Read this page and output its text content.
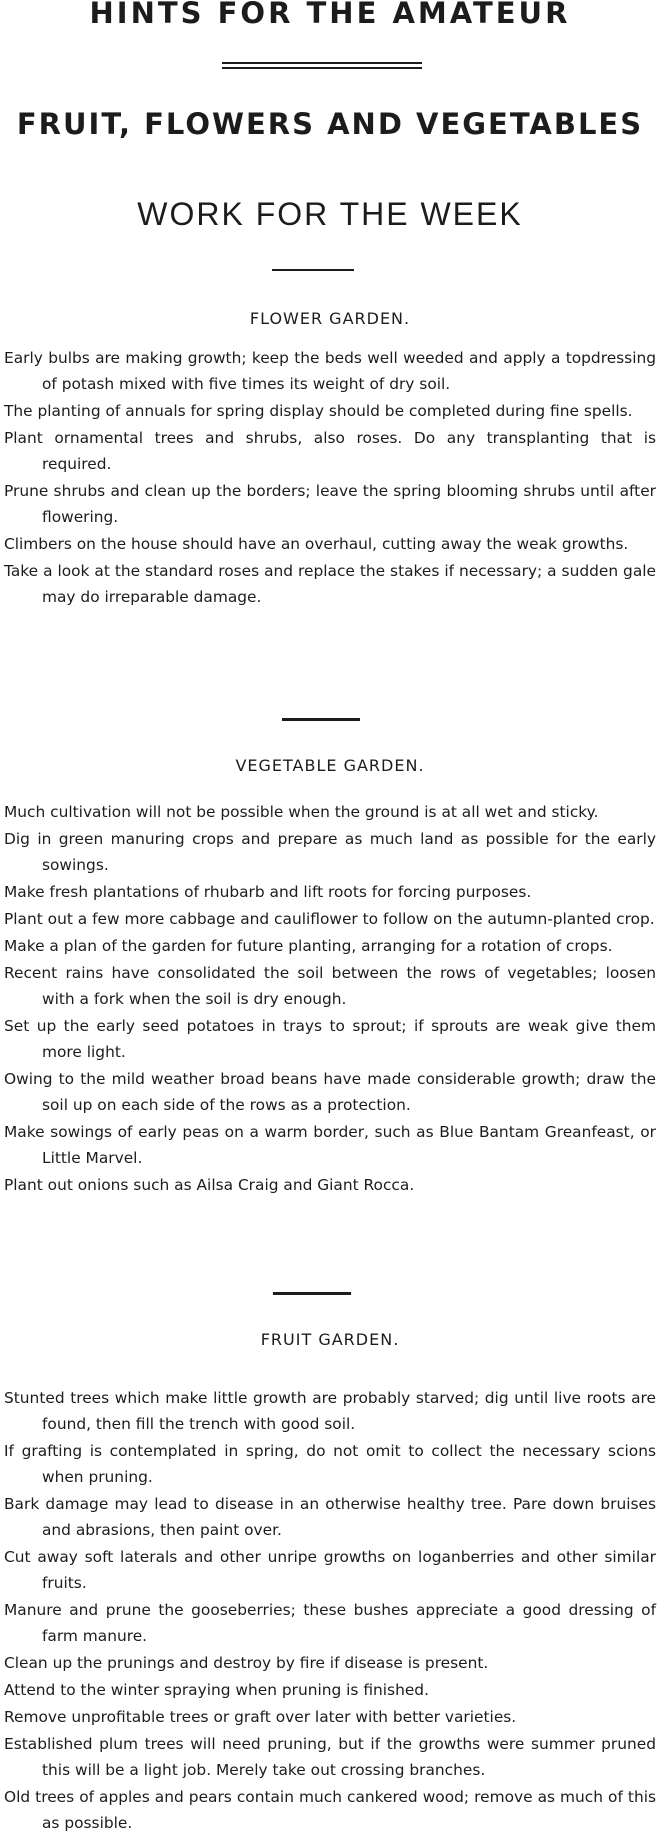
HINTS FOR THE AMATEUR
FRUIT, FLOWERS AND VEGETABLES
WORK FOR THE WEEK
FLOWER GARDEN.
Early bulbs are making growth; keep the beds well weeded and apply a topdressing of potash mixed with five times its weight of dry soil.
The planting of annuals for spring display should be completed during fine spells.
Plant ornamental trees and shrubs, also roses. Do any transplanting that is required.
Prune shrubs and clean up the borders; leave the spring blooming shrubs until after flowering.
Climbers on the house should have an overhaul, cutting away the weak growths.
Take a look at the standard roses and replace the stakes if necessary; a sudden gale may do irreparable damage.
VEGETABLE GARDEN.
Much cultivation will not be possible when the ground is at all wet and sticky.
Dig in green manuring crops and prepare as much land as possible for the early sowings.
Make fresh plantations of rhubarb and lift roots for forcing purposes.
Plant out a few more cabbage and cauliflower to follow on the autumn-planted crop.
Make a plan of the garden for future planting, arranging for a rotation of crops.
Recent rains have consolidated the soil between the rows of vegetables; loosen with a fork when the soil is dry enough.
Set up the early seed potatoes in trays to sprout; if sprouts are weak give them more light.
Owing to the mild weather broad beans have made considerable growth; draw the soil up on each side of the rows as a protection.
Make sowings of early peas on a warm border, such as Blue Bantam Greanfeast, or Little Marvel.
Plant out onions such as Ailsa Craig and Giant Rocca.
FRUIT GARDEN.
Stunted trees which make little growth are probably starved; dig until live roots are found, then fill the trench with good soil.
If grafting is contemplated in spring, do not omit to collect the necessary scions when pruning.
Bark damage may lead to disease in an otherwise healthy tree. Pare down bruises and abrasions, then paint over.
Cut away soft laterals and other unripe growths on loganberries and other similar fruits.
Manure and prune the gooseberries; these bushes appreciate a good dressing of farm manure.
Clean up the prunings and destroy by fire if disease is present.
Attend to the winter spraying when pruning is finished.
Remove unprofitable trees or graft over later with better varieties.
Established plum trees will need pruning, but if the growths were summer pruned this will be a light job. Merely take out crossing branches.
Old trees of apples and pears contain much cankered wood; remove as much of this as possible.
